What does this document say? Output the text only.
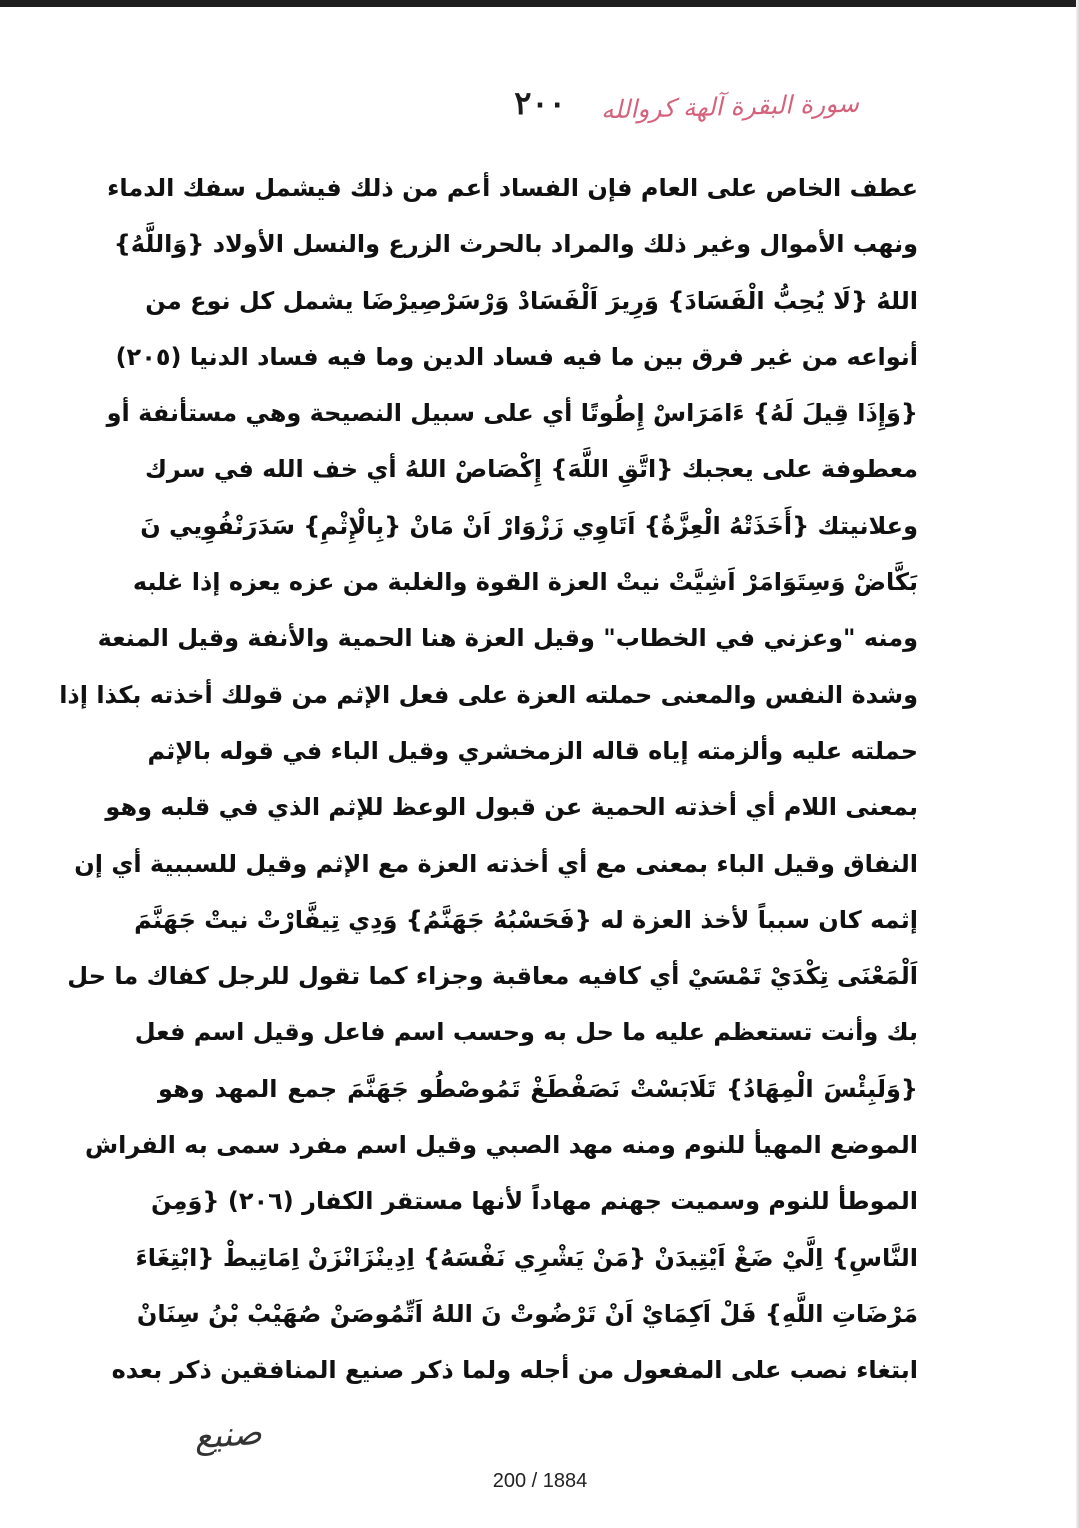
سورة البقرة آلهة كروالله
٢٠٠
عطف الخاص على العام فإن الفساد أعم من ذلك فيشمل سفك الدماء
ونهب الأموال وغير ذلك والمراد بالحرث الزرع والنسل الأولاد {وَاللَّهُ}
اللهُ {لَا يُحِبُّ الْفَسَادَ} وَرِيرَ اَلْفَسَادْ وَرْسَرْصِيرْضَا يشمل كل نوع من
أنواعه من غير فرق بين ما فيه فساد الدين وما فيه فساد الدنيا (٢٠٥)
{وَإِذَا قِيلَ لَهُ} ءَامَرَاسْ إِطُوتًا أي على سبيل النصيحة وهي مستأنفة أو
معطوفة على يعجبك {اتَّقِ اللَّهَ} إِكْصَاصْ اللهُ أي خف الله في سرك
وعلانيتك {أَخَذَتْهُ الْعِزَّةُ} اَتَاوِي زَزْوَارْ اَنْ مَانْ {بِالْإِثْمِ} سَدَرَنْفُوِيي نَ
بَكَّاضْ وَسِتَوَامَرْ اَشِيَّتْ نيتْ العزة القوة والغلبة من عزه يعزه إذا غلبه
ومنه "وعزني في الخطاب" وقيل العزة هنا الحمية والأنفة وقيل المنعة
وشدة النفس والمعنى حملته العزة على فعل الإثم من قولك أخذته بكذا إذا
حملته عليه وألزمته إياه قاله الزمخشري وقيل الباء في قوله بالإثم
بمعنى اللام أي أخذته الحمية عن قبول الوعظ للإثم الذي في قلبه وهو
النفاق وقيل الباء بمعنى مع أي أخذته العزة مع الإثم وقيل للسببية أي إن
إثمه كان سبباً لأخذ العزة له {فَحَسْبُهُ جَهَنَّمُ} وَدِي تِيفَّارْتْ نيتْ جَهَنَّمَ
اَلْمَعْنَى تِكْدَيْ تَمْسَيْ أي كافيه معاقبة وجزاء كما تقول للرجل كفاك ما حل
بك وأنت تستعظم عليه ما حل به وحسب اسم فاعل وقيل اسم فعل
{وَلَبِئْسَ الْمِهَادُ} تَلَابَسْتْ نَصَفْطَغْ تَمُوصْطُو جَهَنَّمَ جمع المهد وهو
الموضع المهيأ للنوم ومنه مهد الصبي وقيل اسم مفرد سمى به الفراش
الموطأ للنوم وسميت جهنم مهاداً لأنها مستقر الكفار (٢٠٦) {وَمِنَ
النَّاسِ} اِلَّيْ ضَغْ اَيْتِيدَنْ {مَنْ يَشْرِي نَفْسَهُ} اِدِينْزَانْزَنْ اِمَاتِيطْ {ابْتِغَاءَ
مَرْضَاتِ اللَّهِ} فَلْ اَكِمَايْ اَنْ تَرْضُوتْ نَ اللهُ اَتِّمُوصَنْ صُهَيْبْ بْنُ سِنَانْ
ابتغاء نصب على المفعول من أجله ولما ذكر صنيع المنافقين ذكر بعده
صنيع
200 / 1884
